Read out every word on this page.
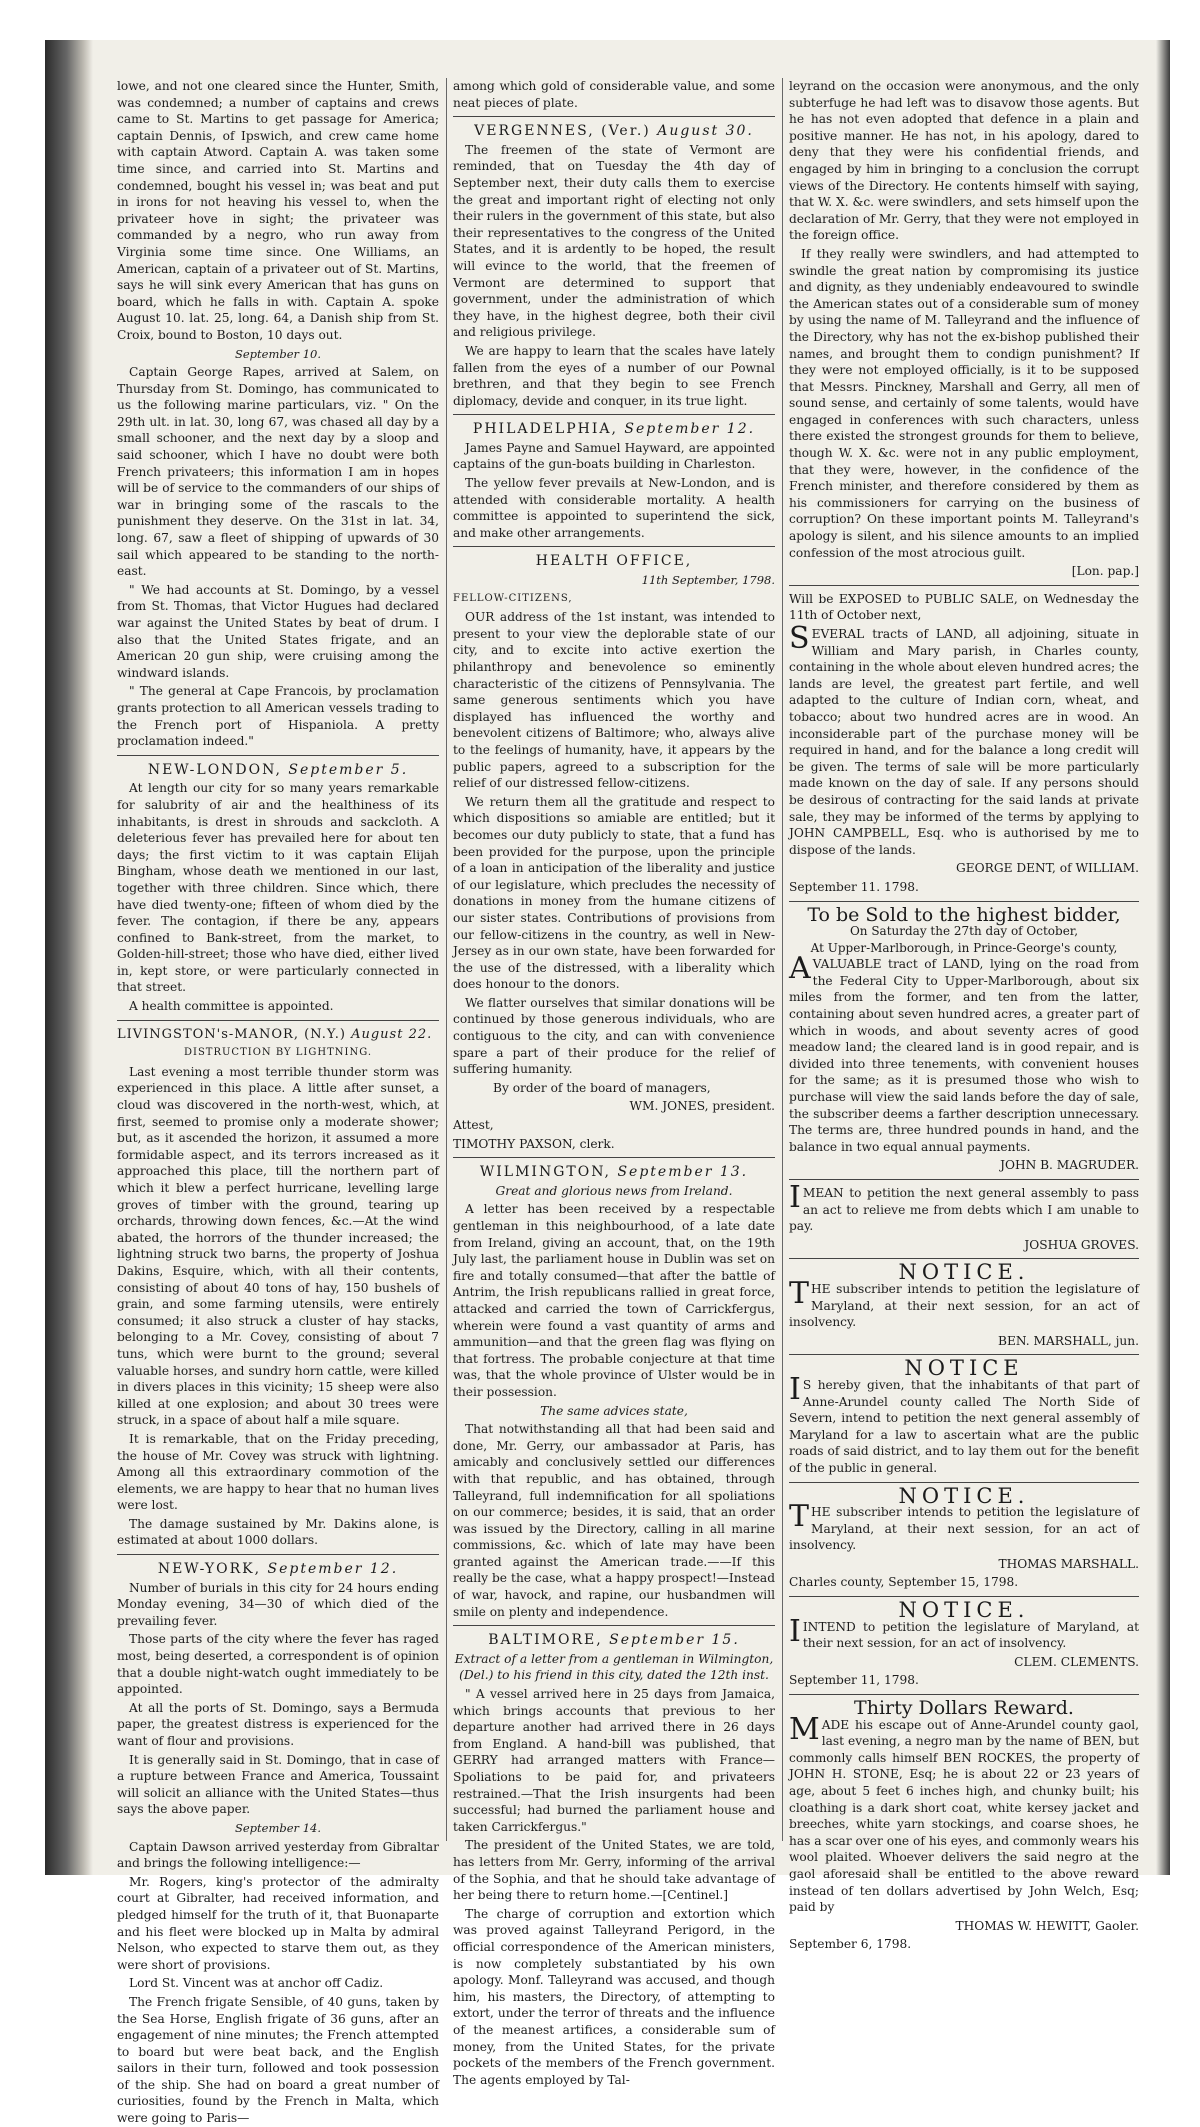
lowe, and not one cleared since the Hunter, Smith, was condemned; a number of captains and crews came to St. Martins to get passage for America; captain Dennis, of Ipswich, and crew came home with captain Atword. Captain A. was taken some time since, and carried into St. Martins and condemned, bought his vessel in; was beat and put in irons for not heaving his vessel to, when the privateer hove in sight; the privateer was commanded by a negro, who run away from Virginia some time since. One Williams, an American, captain of a privateer out of St. Martins, says he will sink every American that has guns on board, which he falls in with. Captain A. spoke August 10. lat. 25, long. 64, a Danish ship from St. Croix, bound to Boston, 10 days out.

September 10.

Captain George Rapes, arrived at Salem, on Thursday from St. Domingo, has communicated to us the following marine particulars, viz. " On the 29th ult. in lat. 30, long 67, was chased all day by a small schooner, and the next day by a sloop and said schooner, which I have no doubt were both French privateers; this information I am in hopes will be of service to the commanders of our ships of war in bringing some of the rascals to the punishment they deserve. On the 31st in lat. 34, long. 67, saw a fleet of shipping of upwards of 30 sail which appeared to be standing to the north-east.

" We had accounts at St. Domingo, by a vessel from St. Thomas, that Victor Hugues had declared war against the United States by beat of drum. I also that the United States frigate, and an American 20 gun ship, were cruising among the windward islands.

" The general at Cape Francois, by proclamation grants protection to all American vessels trading to the French port of Hispaniola. A pretty proclamation indeed."

NEW-LONDON, September 5.

At length our city for so many years remarkable for salubrity of air and the healthiness of its inhabitants, is drest in shrouds and sackcloth. A deleterious fever has prevailed here for about ten days; the first victim to it was captain Elijah Bingham, whose death we mentioned in our last, together with three children. Since which, there have died twenty-one; fifteen of whom died by the fever. The contagion, if there be any, appears confined to Bank-street, from the market, to Golden-hill-street; those who have died, either lived in, kept store, or were particularly connected in that street.

A health committee is appointed.

LIVINGSTON's-MANOR, (N.Y.) August 22.
DISTRUCTION BY LIGHTNING.

Last evening a most terrible thunder storm was experienced in this place. A little after sunset, a cloud was discovered in the north-west, which, at first, seemed to promise only a moderate shower; but, as it ascended the horizon, it assumed a more formidable aspect, and its terrors increased as it approached this place, till the northern part of which it blew a perfect hurricane, levelling large groves of timber with the ground, tearing up orchards, throwing down fences, &c.—At the wind abated, the horrors of the thunder increased; the lightning struck two barns, the property of Joshua Dakins, Esquire, which, with all their contents, consisting of about 40 tons of hay, 150 bushels of grain, and some farming utensils, were entirely consumed; it also struck a cluster of hay stacks, belonging to a Mr. Covey, consisting of about 7 tuns, which were burnt to the ground; several valuable horses, and sundry horn cattle, were killed in divers places in this vicinity; 15 sheep were also killed at one explosion; and about 30 trees were struck, in a space of about half a mile square.

It is remarkable, that on the Friday preceding, the house of Mr. Covey was struck with lightning. Among all this extraordinary commotion of the elements, we are happy to hear that no human lives were lost.

The damage sustained by Mr. Dakins alone, is estimated at about 1000 dollars.

NEW-YORK, September 12.

Number of burials in this city for 24 hours ending Monday evening, 34—30 of which died of the prevailing fever.

Those parts of the city where the fever has raged most, being deserted, a correspondent is of opinion that a double night-watch ought immediately to be appointed.

At all the ports of St. Domingo, says a Bermuda paper, the greatest distress is experienced for the want of flour and provisions.

It is generally said in St. Domingo, that in case of a rupture between France and America, Toussaint will solicit an alliance with the United States—thus says the above paper.

September 14.

Captain Dawson arrived yesterday from Gibraltar and brings the following intelligence:—

Mr. Rogers, king's protector of the admiralty court at Gibralter, had received information, and pledged himself for the truth of it, that Buonaparte and his fleet were blocked up in Malta by admiral Nelson, who expected to starve them out, as they were short of provisions.

Lord St. Vincent was at anchor off Cadiz.

The French frigate Sensible, of 40 guns, taken by the Sea Horse, English frigate of 36 guns, after an engagement of nine minutes; the French attempted to board but were beat back, and the English sailors in their turn, followed and took possession of the ship. She had on board a great number of curiosities, found by the French in Malta, which were going to Paris—

among which gold of considerable value, and some neat pieces of plate.

VERGENNES, (Ver.) August 30.

The freemen of the state of Vermont are reminded, that on Tuesday the 4th day of September next, their duty calls them to exercise the great and important right of electing not only their rulers in the government of this state, but also their representatives to the congress of the United States, and it is ardently to be hoped, the result will evince to the world, that the freemen of Vermont are determined to support that government, under the administration of which they have, in the highest degree, both their civil and religious privilege.

We are happy to learn that the scales have lately fallen from the eyes of a number of our Pownal brethren, and that they begin to see French diplomacy, devide and conquer, in its true light.

PHILADELPHIA, September 12.

James Payne and Samuel Hayward, are appointed captains of the gun-boats building in Charleston.

The yellow fever prevails at New-London, and is attended with considerable mortality. A health committee is appointed to superintend the sick, and make other arrangements.

HEALTH OFFICE,
11th September, 1798.
FELLOW-CITIZENS,

OUR address of the 1st instant, was intended to present to your view the deplorable state of our city, and to excite into active exertion the philanthropy and benevolence so eminently characteristic of the citizens of Pennsylvania. The same generous sentiments which you have displayed has influenced the worthy and benevolent citizens of Baltimore; who, always alive to the feelings of humanity, have, it appears by the public papers, agreed to a subscription for the relief of our distressed fellow-citizens.

We return them all the gratitude and respect to which dispositions so amiable are entitled; but it becomes our duty publicly to state, that a fund has been provided for the purpose, upon the principle of a loan in anticipation of the liberality and justice of our legislature, which precludes the necessity of donations in money from the humane citizens of our sister states. Contributions of provisions from our fellow-citizens in the country, as well in New-Jersey as in our own state, have been forwarded for the use of the distressed, with a liberality which does honour to the donors.

We flatter ourselves that similar donations will be continued by those generous individuals, who are contiguous to the city, and can with convenience spare a part of their produce for the relief of suffering humanity.

By order of the board of managers,

WM. JONES, president.

Attest,

TIMOTHY PAXSON, clerk.

WILMINGTON, September 13.
Great and glorious news from Ireland.

A letter has been received by a respectable gentleman in this neighbourhood, of a late date from Ireland, giving an account, that, on the 19th July last, the parliament house in Dublin was set on fire and totally consumed—that after the battle of Antrim, the Irish republicans rallied in great force, attacked and carried the town of Carrickfergus, wherein were found a vast quantity of arms and ammunition—and that the green flag was flying on that fortress. The probable conjecture at that time was, that the whole province of Ulster would be in their possession.

The same advices state,

That notwithstanding all that had been said and done, Mr. Gerry, our ambassador at Paris, has amicably and conclusively settled our differences with that republic, and has obtained, through Talleyrand, full indemnification for all spoliations on our commerce; besides, it is said, that an order was issued by the Directory, calling in all marine commissions, &c. which of late may have been granted against the American trade.——If this really be the case, what a happy prospect!—Instead of war, havock, and rapine, our husbandmen will smile on plenty and independence.

BALTIMORE, September 15.
Extract of a letter from a gentleman in Wilmington, (Del.) to his friend in this city, dated the 12th inst.

" A vessel arrived here in 25 days from Jamaica, which brings accounts that previous to her departure another had arrived there in 26 days from England. A hand-bill was published, that GERRY had arranged matters with France—Spoliations to be paid for, and privateers restrained.—That the Irish insurgents had been successful; had burned the parliament house and taken Carrickfergus."

The president of the United States, we are told, has letters from Mr. Gerry, informing of the arrival of the Sophia, and that he should take advantage of her being there to return home.—[Centinel.]

The charge of corruption and extortion which was proved against Talleyrand Perigord, in the official correspondence of the American ministers, is now completely substantiated by his own apology. Monf. Talleyrand was accused, and though him, his masters, the Directory, of attempting to extort, under the terror of threats and the influence of the meanest artifices, a considerable sum of money, from the United States, for the private pockets of the members of the French government. The agents employed by Tal-

leyrand on the occasion were anonymous, and the only subterfuge he had left was to disavow those agents. But he has not even adopted that defence in a plain and positive manner. He has not, in his apology, dared to deny that they were his confidential friends, and engaged by him in bringing to a conclusion the corrupt views of the Directory. He contents himself with saying, that W. X. &c. were swindlers, and sets himself upon the declaration of Mr. Gerry, that they were not employed in the foreign office.

If they really were swindlers, and had attempted to swindle the great nation by compromising its justice and dignity, as they undeniably endeavoured to swindle the American states out of a considerable sum of money by using the name of M. Talleyrand and the influence of the Directory, why has not the ex-bishop published their names, and brought them to condign punishment? If they were not employed officially, is it to be supposed that Messrs. Pinckney, Marshall and Gerry, all men of sound sense, and certainly of some talents, would have engaged in conferences with such characters, unless there existed the strongest grounds for them to believe, though W. X. &c. were not in any public employment, that they were, however, in the confidence of the French minister, and therefore considered by them as his commissioners for carrying on the business of corruption? On these important points M. Talleyrand's apology is silent, and his silence amounts to an implied confession of the most atrocious guilt.

[Lon. pap.]

Will be EXPOSED to PUBLIC SALE, on Wednesday the 11th of October next,

SEVERAL tracts of LAND, all adjoining, situate in William and Mary parish, in Charles county, containing in the whole about eleven hundred acres; the lands are level, the greatest part fertile, and well adapted to the culture of Indian corn, wheat, and tobacco; about two hundred acres are in wood. An inconsiderable part of the purchase money will be required in hand, and for the balance a long credit will be given. The terms of sale will be more particularly made known on the day of sale. If any persons should be desirous of contracting for the said lands at private sale, they may be informed of the terms by applying to JOHN CAMPBELL, Esq. who is authorised by me to dispose of the lands.

GEORGE DENT, of WILLIAM.

September 11. 1798.

To be Sold to the highest bidder,

On Saturday the 27th day of October,

At Upper-Marlborough, in Prince-George's county,

AVALUABLE tract of LAND, lying on the road from the Federal City to Upper-Marlborough, about six miles from the former, and ten from the latter, containing about seven hundred acres, a greater part of which in woods, and about seventy acres of good meadow land; the cleared land is in good repair, and is divided into three tenements, with convenient houses for the same; as it is presumed those who wish to purchase will view the said lands before the day of sale, the subscriber deems a farther description unnecessary. The terms are, three hundred pounds in hand, and the balance in two equal annual payments.

JOHN B. MAGRUDER.

IMEAN to petition the next general assembly to pass an act to relieve me from debts which I am unable to pay.

JOSHUA GROVES.

NOTICE.

THE subscriber intends to petition the legislature of Maryland, at their next session, for an act of insolvency.

BEN. MARSHALL, jun.

NOTICE

IS hereby given, that the inhabitants of that part of Anne-Arundel county called The North Side of Severn, intend to petition the next general assembly of Maryland for a law to ascertain what are the public roads of said district, and to lay them out for the benefit of the public in general.

NOTICE.

THE subscriber intends to petition the legislature of Maryland, at their next session, for an act of insolvency.

THOMAS MARSHALL.

Charles county, September 15, 1798.

NOTICE.

IINTEND to petition the legislature of Maryland, at their next session, for an act of insolvency.

CLEM. CLEMENTS.

September 11, 1798.

Thirty Dollars Reward.

MADE his escape out of Anne-Arundel county gaol, last evening, a negro man by the name of BEN, but commonly calls himself BEN ROCKES, the property of JOHN H. STONE, Esq; he is about 22 or 23 years of age, about 5 feet 6 inches high, and chunky built; his cloathing is a dark short coat, white kersey jacket and breeches, white yarn stockings, and coarse shoes, he has a scar over one of his eyes, and commonly wears his wool plaited. Whoever delivers the said negro at the gaol aforesaid shall be entitled to the above reward instead of ten dollars advertised by John Welch, Esq; paid by

THOMAS W. HEWITT, Gaoler.

September 6, 1798.
